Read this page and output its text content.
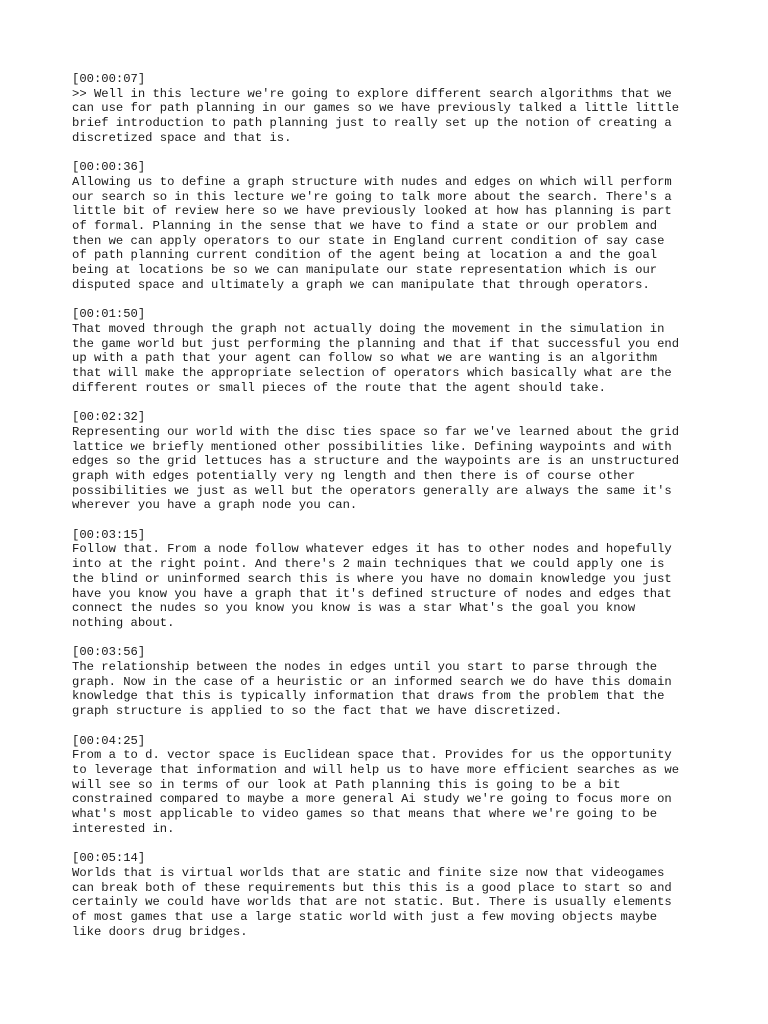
[00:00:07]
>> Well in this lecture we're going to explore different search algorithms that we
can use for path planning in our games so we have previously talked a little little
brief introduction to path planning just to really set up the notion of creating a
discretized space and that is.
[00:00:36]
Allowing us to define a graph structure with nudes and edges on which will perform
our search so in this lecture we're going to talk more about the search. There's a
little bit of review here so we have previously looked at how has planning is part
of formal. Planning in the sense that we have to find a state or our problem and
then we can apply operators to our state in England current condition of say case
of path planning current condition of the agent being at location a and the goal
being at locations be so we can manipulate our state representation which is our
disputed space and ultimately a graph we can manipulate that through operators.
[00:01:50]
That moved through the graph not actually doing the movement in the simulation in
the game world but just performing the planning and that if that successful you end
up with a path that your agent can follow so what we are wanting is an algorithm
that will make the appropriate selection of operators which basically what are the
different routes or small pieces of the route that the agent should take.
[00:02:32]
Representing our world with the disc ties space so far we've learned about the grid
lattice we briefly mentioned other possibilities like. Defining waypoints and with
edges so the grid lettuces has a structure and the waypoints are is an unstructured
graph with edges potentially very ng length and then there is of course other
possibilities we just as well but the operators generally are always the same it's
wherever you have a graph node you can.
[00:03:15]
Follow that. From a node follow whatever edges it has to other nodes and hopefully
into at the right point. And there's 2 main techniques that we could apply one is
the blind or uninformed search this is where you have no domain knowledge you just
have you know you have a graph that it's defined structure of nodes and edges that
connect the nudes so you know you know is was a star What's the goal you know
nothing about.
[00:03:56]
The relationship between the nodes in edges until you start to parse through the
graph. Now in the case of a heuristic or an informed search we do have this domain
knowledge that this is typically information that draws from the problem that the
graph structure is applied to so the fact that we have discretized.
[00:04:25]
From a to d. vector space is Euclidean space that. Provides for us the opportunity
to leverage that information and will help us to have more efficient searches as we
will see so in terms of our look at Path planning this is going to be a bit
constrained compared to maybe a more general Ai study we're going to focus more on
what's most applicable to video games so that means that where we're going to be
interested in.
[00:05:14]
Worlds that is virtual worlds that are static and finite size now that videogames
can break both of these requirements but this this is a good place to start so and
certainly we could have worlds that are not static. But. There is usually elements
of most games that use a large static world with just a few moving objects maybe
like doors drug bridges.
